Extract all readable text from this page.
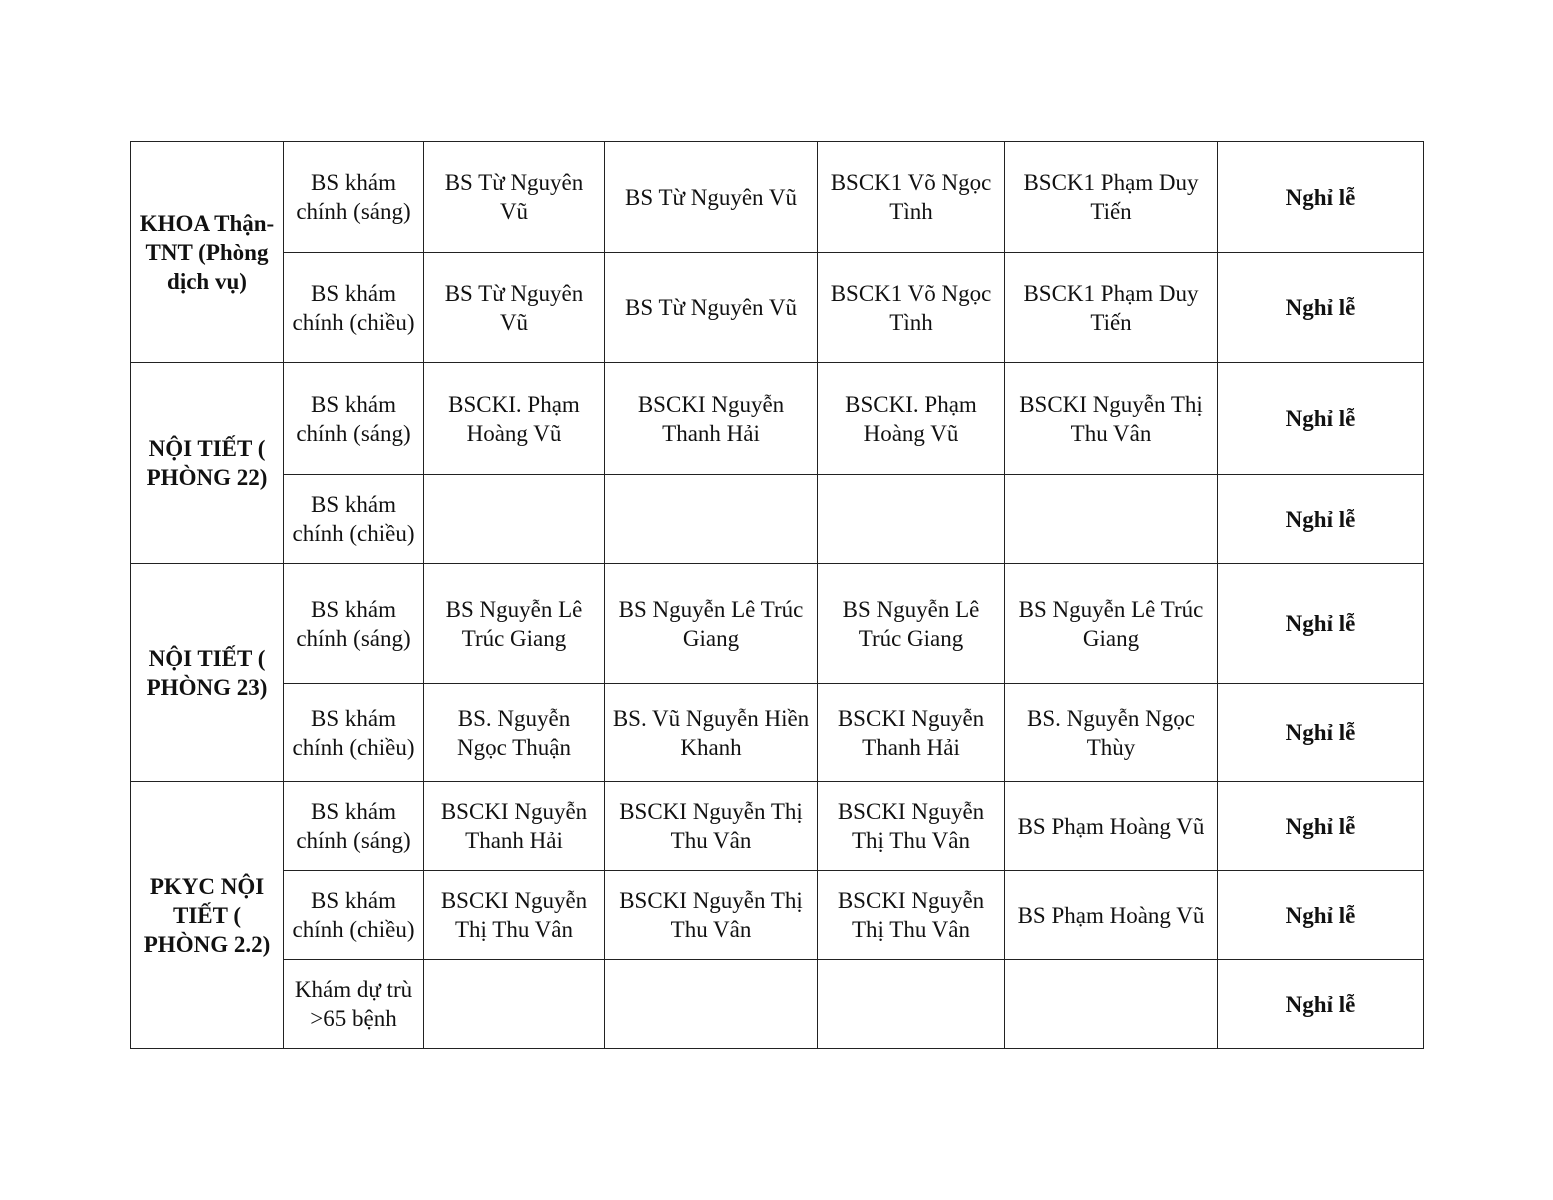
KHOA Thận-TNT (Phòng dịch vụ)	BS khám chính (sáng)	BS Từ Nguyên Vũ	BS Từ Nguyên Vũ	BSCK1 Võ Ngọc Tình	BSCK1 Phạm Duy Tiến	Nghỉ lễ
	BS khám chính (chiều)	BS Từ Nguyên Vũ	BS Từ Nguyên Vũ	BSCK1 Võ Ngọc Tình	BSCK1 Phạm Duy Tiến	Nghỉ lễ
NỘI TIẾT ( PHÒNG 22)	BS khám chính (sáng)	BSCKI. Phạm Hoàng Vũ	BSCKI Nguyễn Thanh Hải	BSCKI. Phạm Hoàng Vũ	BSCKI Nguyễn Thị Thu Vân	Nghỉ lễ
	BS khám chính (chiều)					Nghỉ lễ
NỘI TIẾT ( PHÒNG 23)	BS khám chính (sáng)	BS Nguyễn Lê Trúc Giang	BS Nguyễn Lê Trúc Giang	BS Nguyễn Lê Trúc Giang	BS Nguyễn Lê Trúc Giang	Nghỉ lễ
	BS khám chính (chiều)	BS. Nguyễn Ngọc Thuận	BS. Vũ Nguyễn Hiền Khanh	BSCKI Nguyễn Thanh Hải	BS. Nguyễn Ngọc Thùy	Nghỉ lễ
PKYC NỘI TIẾT ( PHÒNG 2.2)	BS khám chính (sáng)	BSCKI Nguyễn Thanh Hải	BSCKI Nguyễn Thị Thu Vân	BSCKI Nguyễn Thị Thu Vân	BS Phạm Hoàng Vũ	Nghỉ lễ
	BS khám chính (chiều)	BSCKI Nguyễn Thị Thu Vân	BSCKI Nguyễn Thị Thu Vân	BSCKI Nguyễn Thị Thu Vân	BS Phạm Hoàng Vũ	Nghỉ lễ
	Khám dự trù >65 bệnh					Nghỉ lễ
